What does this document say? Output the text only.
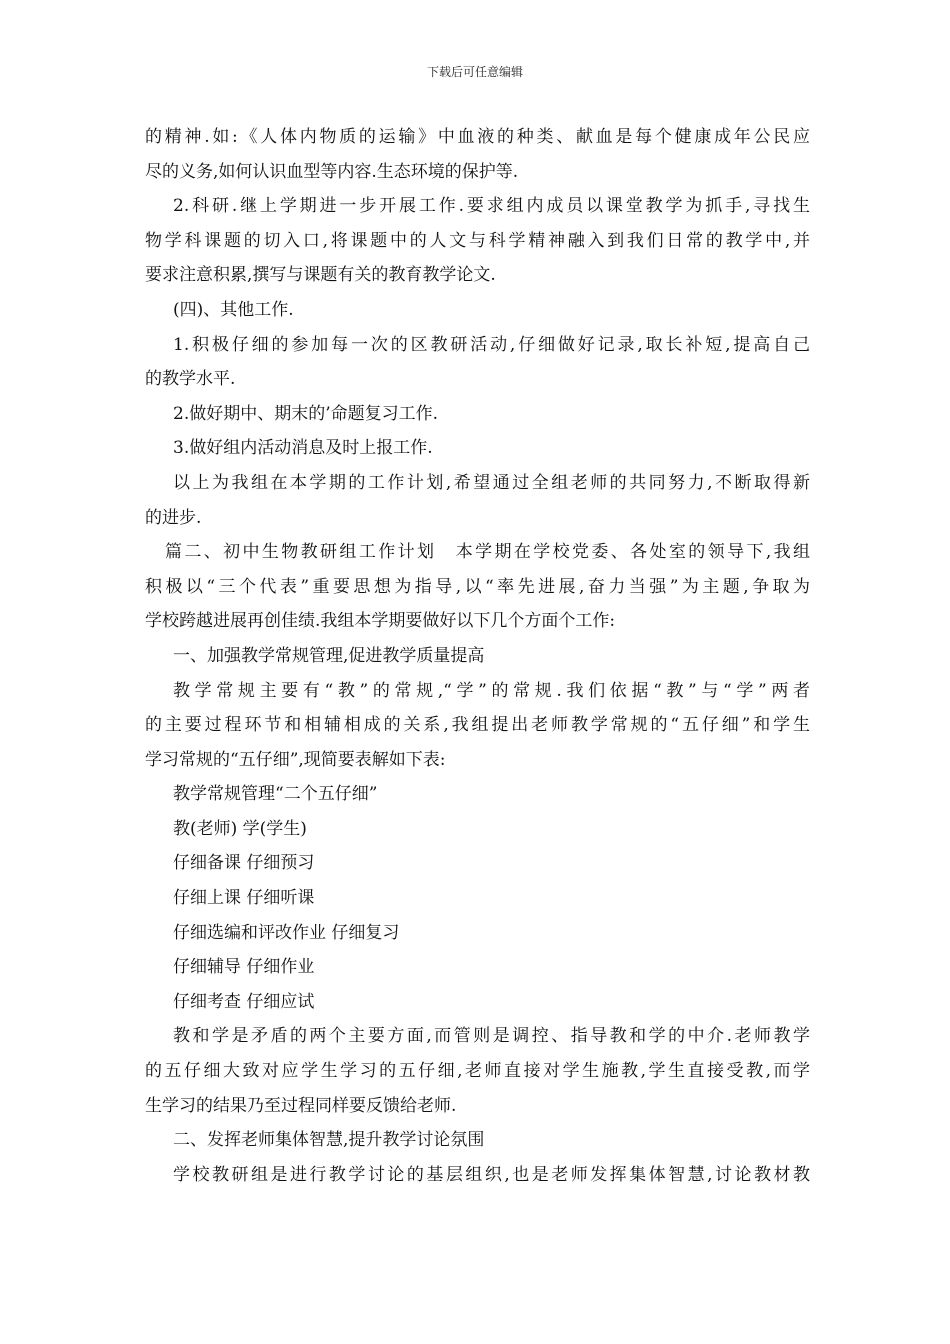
下载后可任意编辑
的精神.如:《人体内物质的运输》中血液的种类、献血是每个健康成年公民应
尽的义务,如何认识血型等内容.生态环境的保护等.
2.科研.继上学期进一步开展工作.要求组内成员以课堂教学为抓手,寻找生
物学科课题的切入口,将课题中的人文与科学精神融入到我们日常的教学中,并
要求注意积累,撰写与课题有关的教育教学论文.
(四)、其他工作.
1.积极仔细的参加每一次的区教研活动,仔细做好记录,取长补短,提高自己
的教学水平.
2.做好期中、期末的’命题复习工作.
3.做好组内活动消息及时上报工作.
以上为我组在本学期的工作计划,希望通过全组老师的共同努力,不断取得新
的进步.
篇二、初中生物教研组工作计划　本学期在学校党委、各处室的领导下,我组
积极以“三个代表”重要思想为指导,以“率先进展,奋力当强”为主题,争取为
学校跨越进展再创佳绩.我组本学期要做好以下几个方面个工作:
一、加强教学常规管理,促进教学质量提高
教学常规主要有“教”的常规,“学”的常规.我们依据“教”与“学”两者
的主要过程环节和相辅相成的关系,我组提出老师教学常规的“五仔细”和学生
学习常规的“五仔细”,现简要表解如下表:
教学常规管理“二个五仔细”
教(老师) 学(学生)
仔细备课 仔细预习
仔细上课 仔细听课
仔细选编和评改作业 仔细复习
仔细辅导 仔细作业
仔细考查 仔细应试
教和学是矛盾的两个主要方面,而管则是调控、指导教和学的中介.老师教学
的五仔细大致对应学生学习的五仔细,老师直接对学生施教,学生直接受教,而学
生学习的结果乃至过程同样要反馈给老师.
二、发挥老师集体智慧,提升教学讨论氛围
学校教研组是进行教学讨论的基层组织,也是老师发挥集体智慧,讨论教材教
